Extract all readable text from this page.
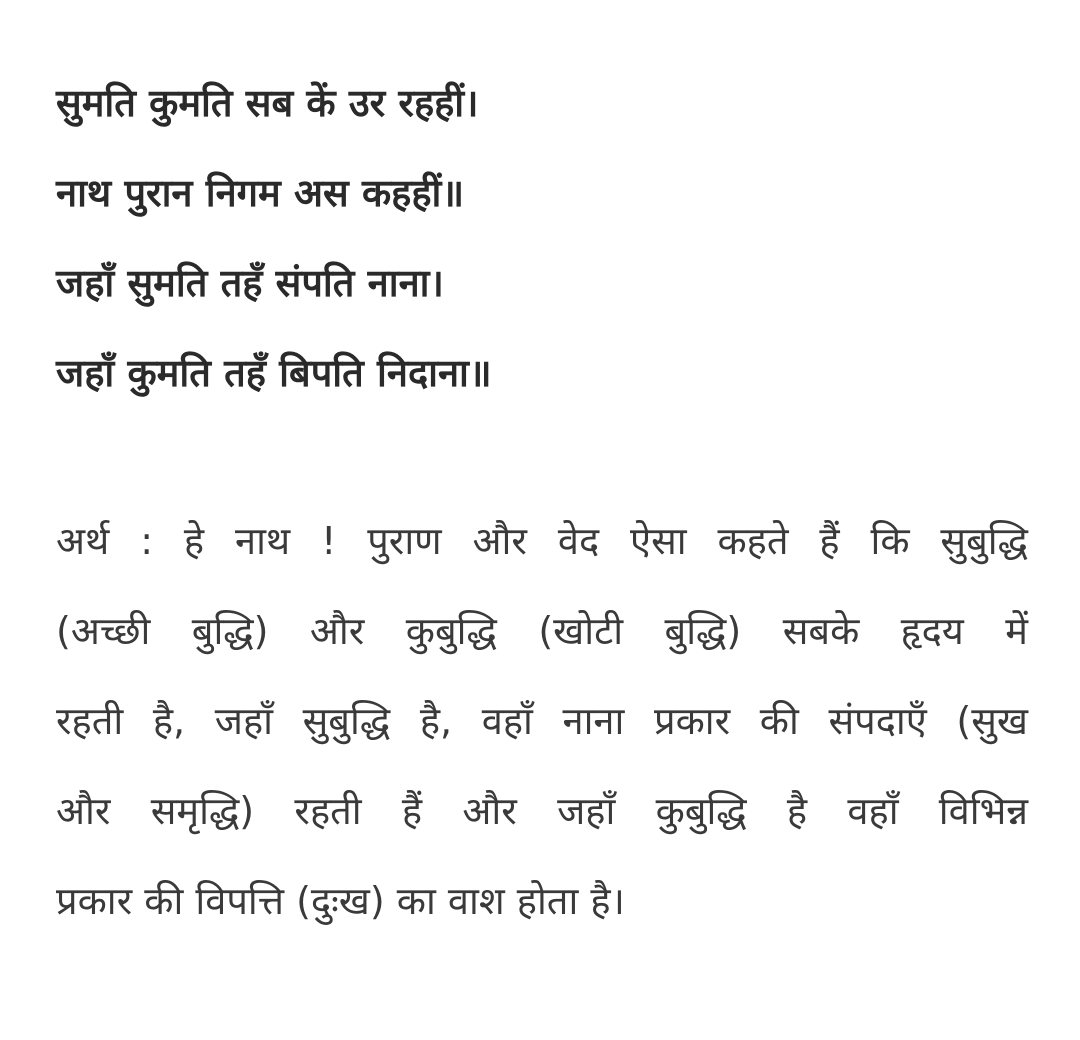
सुमति कुमति सब कें उर रहहीं।
नाथ पुरान निगम अस कहहीं॥
जहाँ सुमति तहँ संपति नाना।
जहाँ कुमति तहँ बिपति निदाना॥
अर्थ : हे नाथ ! पुराण और वेद ऐसा कहते हैं कि सुबुद्धि
(अच्छी बुद्धि) और कुबुद्धि (खोटी बुद्धि) सबके हृदय में
रहती है, जहाँ सुबुद्धि है, वहाँ नाना प्रकार की संपदाएँ (सुख
और समृद्धि) रहती हैं और जहाँ कुबुद्धि है वहाँ विभिन्न
प्रकार की विपत्ति (दुःख) का वाश होता है।
